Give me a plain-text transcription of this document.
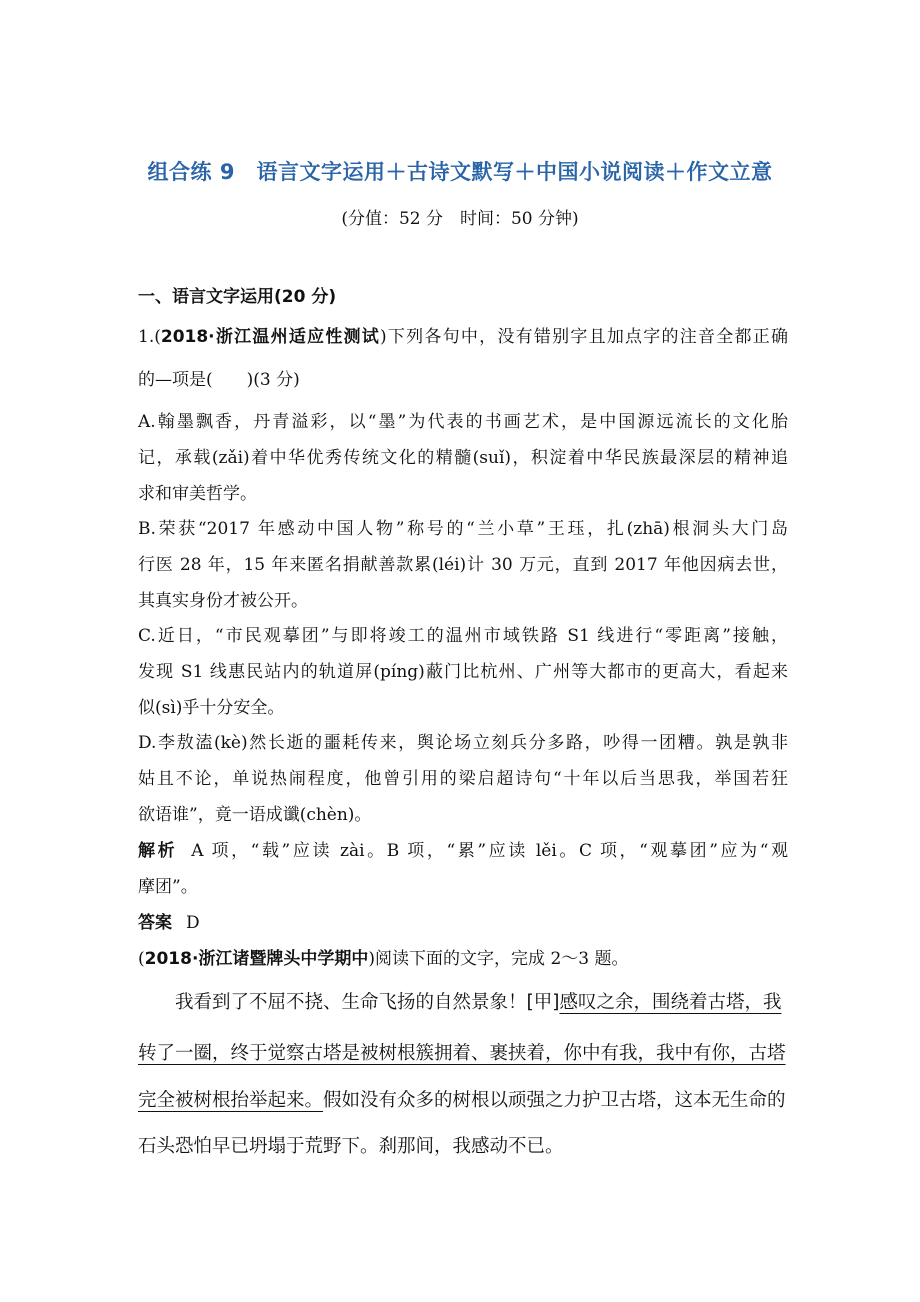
组合练 9　语言文字运用＋古诗文默写＋中国小说阅读＋作文立意
(分值：52 分　时间：50 分钟)
一、语言文字运用(20 分)
1.(2018·浙江温州适应性测试)下列各句中，没有错别字且加点字的注音全都正确
的—项是(　　)(3 分)
A.翰墨飘香，丹青溢彩，以“墨”为代表的书画艺术，是中国源远流长的文化胎
记，承载(zǎi)着中华优秀传统文化的精髓(suǐ)，积淀着中华民族最深层的精神追
求和审美哲学。
B.荣获“2017 年感动中国人物”称号的“兰小草”王珏，扎(zhā)根洞头大门岛
行医 28 年，15 年来匿名捐献善款累(léi)计 30 万元，直到 2017 年他因病去世，
其真实身份才被公开。
C.近日，“市民观摹团”与即将竣工的温州市域铁路 S1 线进行“零距离”接触，
发现 S1 线惠民站内的轨道屏(píng)蔽门比杭州、广州等大都市的更高大，看起来
似(sì)乎十分安全。
D.李敖溘(kè)然长逝的噩耗传来，舆论场立刻兵分多路，吵得一团糟。孰是孰非
姑且不论，单说热闹程度，他曾引用的梁启超诗句“十年以后当思我，举国若狂
欲语谁”，竟一语成谶(chèn)。
解析 A 项，“载”应读 zài。B 项，“累”应读 lěi。C 项，“观摹团”应为“观
摩团”。
答案 D
(2018·浙江诸暨牌头中学期中)阅读下面的文字，完成 2～3 题。
我看到了不屈不挠、生命飞扬的自然景象！[甲]感叹之余，围绕着古塔，我
转了一圈，终于觉察古塔是被树根簇拥着、裹挟着，你中有我，我中有你，古塔
完全被树根抬举起来。假如没有众多的树根以顽强之力护卫古塔，这本无生命的
石头恐怕早已坍塌于荒野下。刹那间，我感动不已。
